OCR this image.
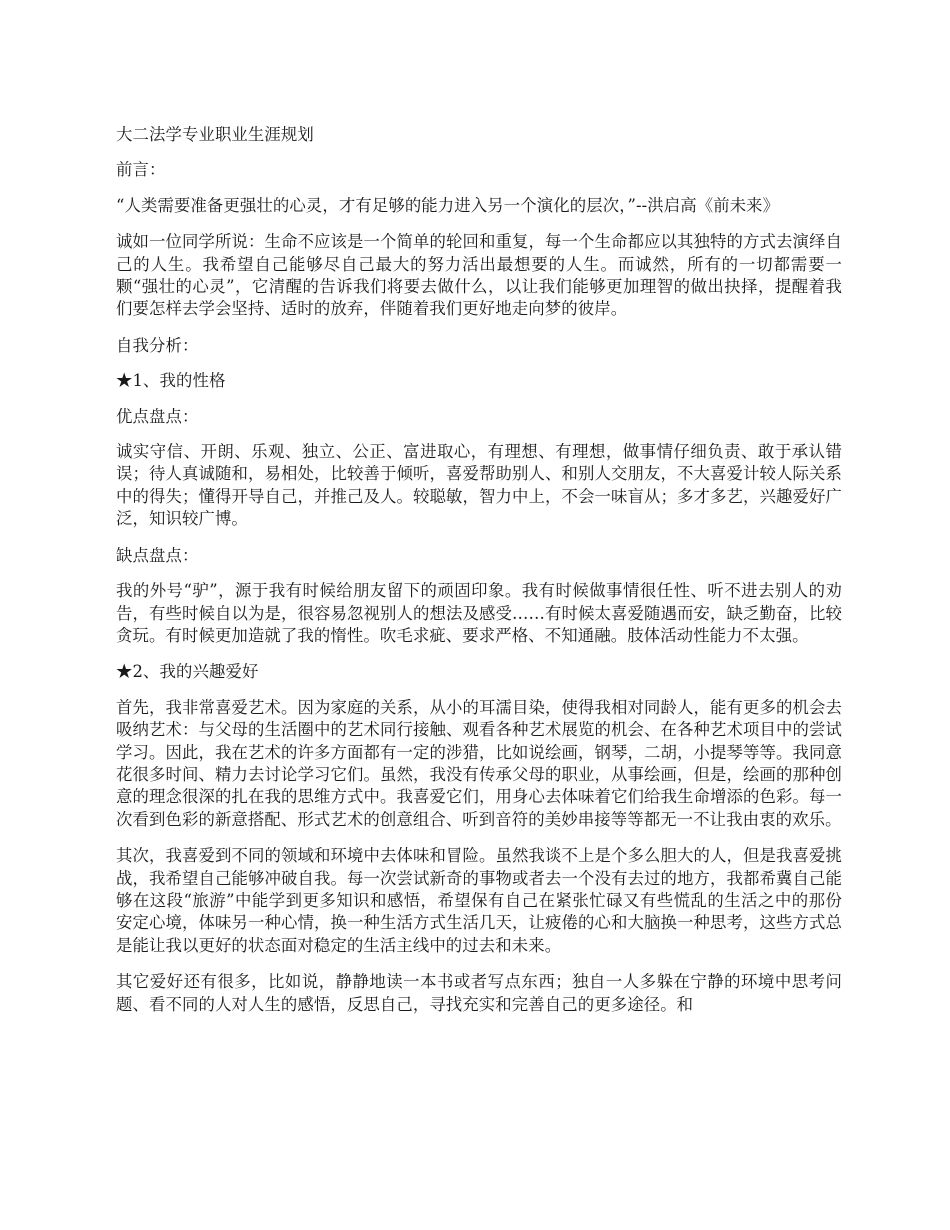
大二法学专业职业生涯规划

前言：

“人类需要准备更强壮的心灵，才有足够的能力进入另一个演化的层次，”--洪启高《前未来》

诚如一位同学所说：生命不应该是一个简单的轮回和重复，每一个生命都应以其独特的方式去演绎自己的人生。我希望自己能够尽自己最大的努力活出最想要的人生。而诚然，所有的一切都需要一颗“强壮的心灵”，它清醒的告诉我们将要去做什么，以让我们能够更加理智的做出抉择，提醒着我们要怎样去学会坚持、适时的放弃，伴随着我们更好地走向梦的彼岸。

自我分析：

★1、我的性格

优点盘点：

诚实守信、开朗、乐观、独立、公正、富进取心，有理想、有理想，做事情仔细负责、敢于承认错误；待人真诚随和，易相处，比较善于倾听，喜爱帮助别人、和别人交朋友，不大喜爱计较人际关系中的得失；懂得开导自己，并推己及人。较聪敏，智力中上，不会一味盲从；多才多艺，兴趣爱好广泛，知识较广博。

缺点盘点：

我的外号“驴”，源于我有时候给朋友留下的顽固印象。我有时候做事情很任性、听不进去别人的劝告，有些时候自以为是，很容易忽视别人的想法及感受……有时候太喜爱随遇而安，缺乏勤奋，比较贪玩。有时候更加造就了我的惰性。吹毛求疵、要求严格、不知通融。肢体活动性能力不太强。

★2、我的兴趣爱好

首先，我非常喜爱艺术。因为家庭的关系，从小的耳濡目染，使得我相对同龄人，能有更多的机会去吸纳艺术：与父母的生活圈中的艺术同行接触、观看各种艺术展览的机会、在各种艺术项目中的尝试学习。因此，我在艺术的许多方面都有一定的涉猎，比如说绘画，钢琴，二胡，小提琴等等。我同意花很多时间、精力去讨论学习它们。虽然，我没有传承父母的职业，从事绘画，但是，绘画的那种创意的理念很深的扎在我的思维方式中。我喜爱它们，用身心去体味着它们给我生命增添的色彩。每一次看到色彩的新意搭配、形式艺术的创意组合、听到音符的美妙串接等等都无一不让我由衷的欢乐。

其次，我喜爱到不同的领域和环境中去体味和冒险。虽然我谈不上是个多么胆大的人，但是我喜爱挑战，我希望自己能够冲破自我。每一次尝试新奇的事物或者去一个没有去过的地方，我都希冀自己能够在这段“旅游”中能学到更多知识和感悟，希望保有自己在紧张忙碌又有些慌乱的生活之中的那份安定心境，体味另一种心情，换一种生活方式生活几天，让疲倦的心和大脑换一种思考，这些方式总是能让我以更好的状态面对稳定的生活主线中的过去和未来。

其它爱好还有很多，比如说，静静地读一本书或者写点东西；独自一人多躲在宁静的环境中思考问题、看不同的人对人生的感悟，反思自己，寻找充实和完善自己的更多途径。和
